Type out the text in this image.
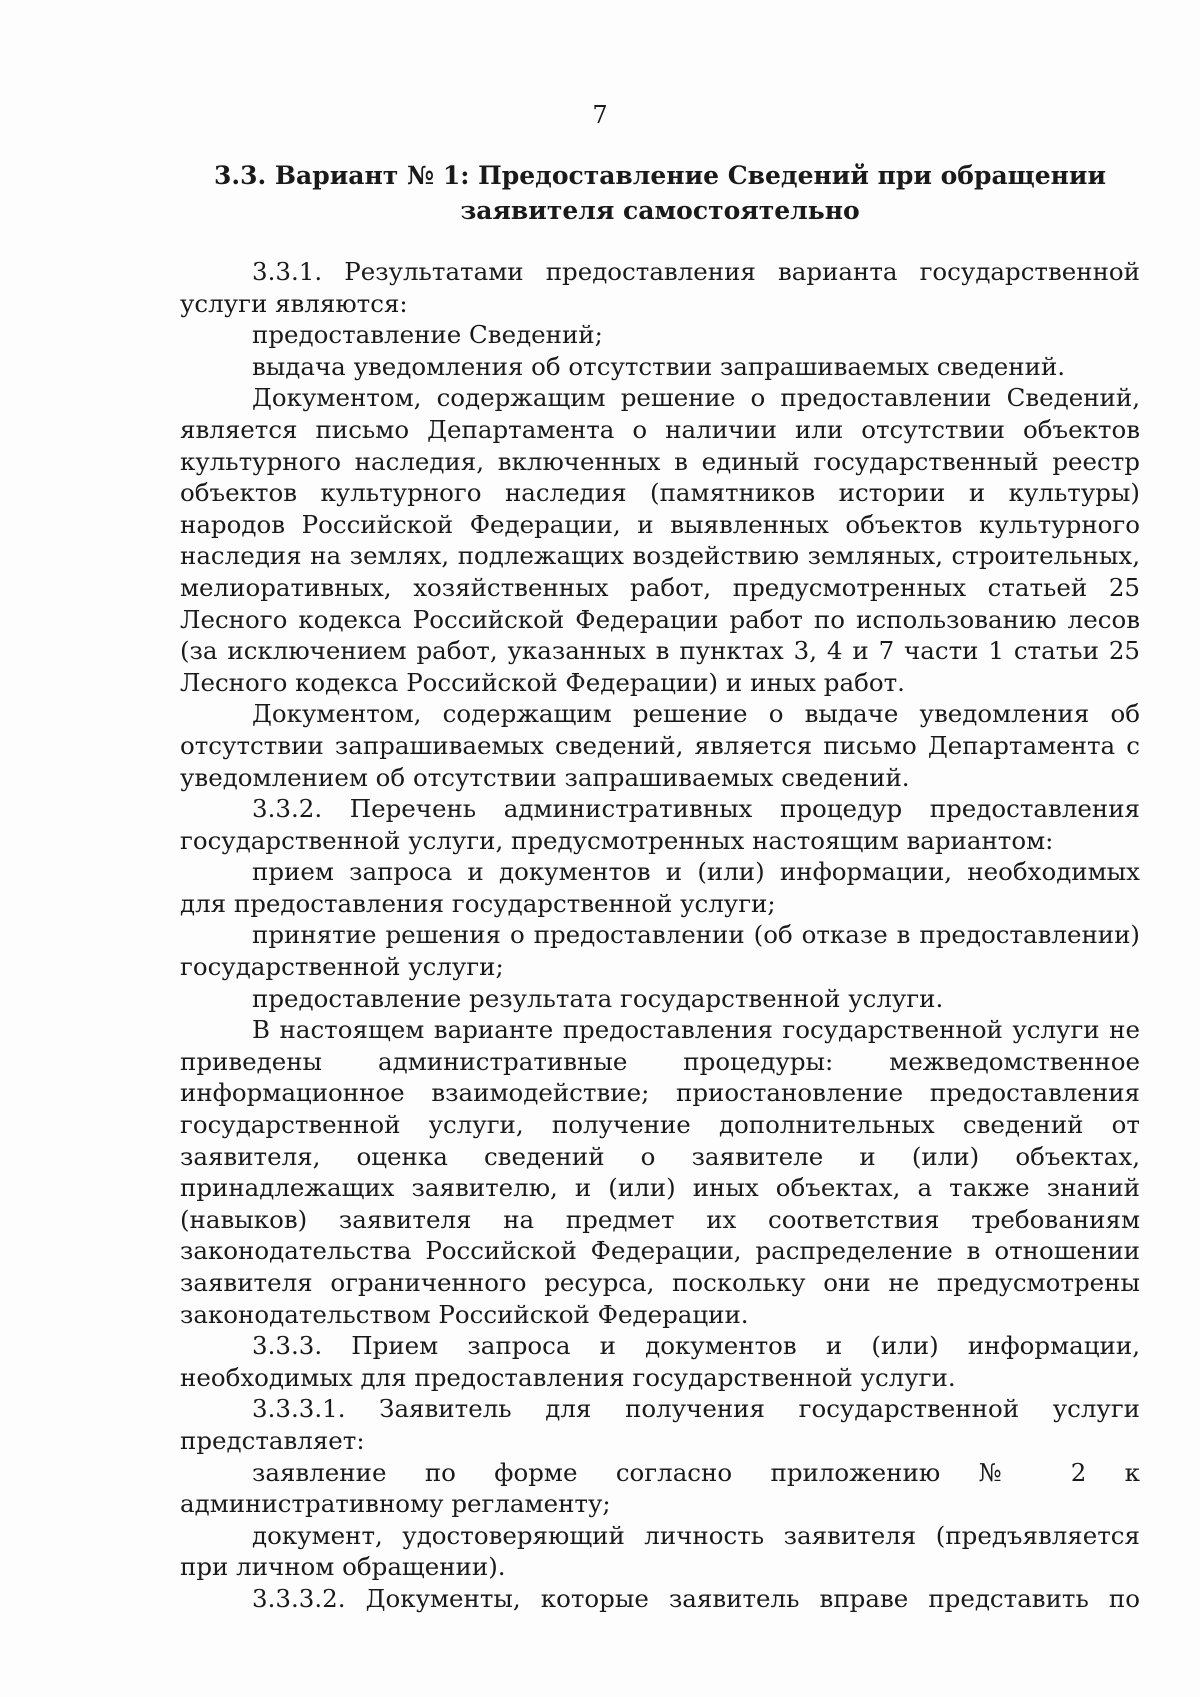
7
3.3. Вариант № 1: Предоставление Сведений при обращении заявителя самостоятельно

3.3.1. Результатами предоставления варианта государственной услуги являются:

предоставление Сведений;

выдача уведомления об отсутствии запрашиваемых сведений.

Документом, содержащим решение о предоставлении Сведений, является письмо Департамента о наличии или отсутствии объектов культурного наследия, включенных в единый государственный реестр объектов культурного наследия (памятников истории и культуры) народов Российской Федерации, и выявленных объектов культурного наследия на землях, подлежащих воздействию земляных, строительных, мелиоративных, хозяйственных работ, предусмотренных статьей 25 Лесного кодекса Российской Федерации работ по использованию лесов (за исключением работ, указанных в пунктах 3, 4 и 7 части 1 статьи 25 Лесного кодекса Российской Федерации) и иных работ.

Документом, содержащим решение о выдаче уведомления об отсутствии запрашиваемых сведений, является письмо Департамента с уведомлением об отсутствии запрашиваемых сведений.

3.3.2. Перечень административных процедур предоставления государственной услуги, предусмотренных настоящим вариантом:

прием запроса и документов и (или) информации, необходимых для предоставления государственной услуги;

принятие решения о предоставлении (об отказе в предоставлении) государственной услуги;

предоставление результата государственной услуги.

В настоящем варианте предоставления государственной услуги не приведены административные процедуры: межведомственное информационное взаимодействие; приостановление предоставления государственной услуги, получение дополнительных сведений от заявителя, оценка сведений о заявителе и (или) объектах, принадлежащих заявителю, и (или) иных объектах, а также знаний (навыков) заявителя на предмет их соответствия требованиям законодательства Российской Федерации, распределение в отношении заявителя ограниченного ресурса, поскольку они не предусмотрены законодательством Российской Федерации.

3.3.3. Прием запроса и документов и (или) информации, необходимых для предоставления государственной услуги.

3.3.3.1. Заявитель для получения государственной услуги представляет:

заявление по форме согласно приложению № 2 к административному регламенту;

документ, удостоверяющий личность заявителя (предъявляется при личном обращении).

3.3.3.2. Документы, которые заявитель вправе представить по
